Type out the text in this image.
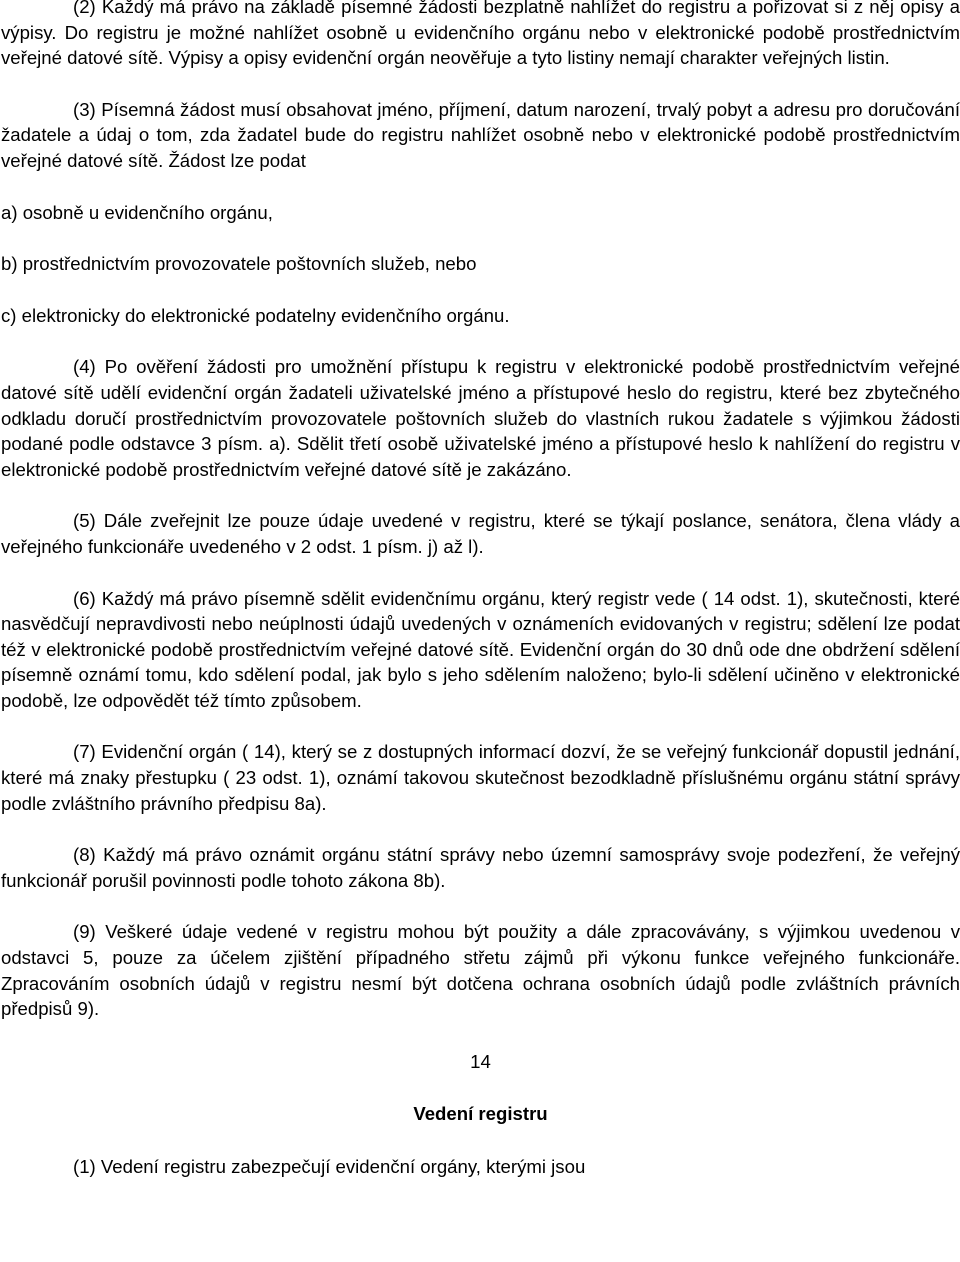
(2) Každý má právo na základě písemné žádosti bezplatně nahlížet do registru a pořizovat si z něj opisy a výpisy. Do registru je možné nahlížet osobně u evidenčního orgánu nebo v elektronické podobě prostřednictvím veřejné datové sítě. Výpisy a opisy evidenční orgán neověřuje a tyto listiny nemají charakter veřejných listin.

(3) Písemná žádost musí obsahovat jméno, příjmení, datum narození, trvalý pobyt a adresu pro doručování žadatele a údaj o tom, zda žadatel bude do registru nahlížet osobně nebo v elektronické podobě prostřednictvím veřejné datové sítě. Žádost lze podat

a) osobně u evidenčního orgánu,

b) prostřednictvím provozovatele poštovních služeb, nebo

c) elektronicky do elektronické podatelny evidenčního orgánu.

(4) Po ověření žádosti pro umožnění přístupu k registru v elektronické podobě prostřednictvím veřejné datové sítě udělí evidenční orgán žadateli uživatelské jméno a přístupové heslo do registru, které bez zbytečného odkladu doručí prostřednictvím provozovatele poštovních služeb do vlastních rukou žadatele s výjimkou žádosti podané podle odstavce 3 písm. a). Sdělit třetí osobě uživatelské jméno a přístupové heslo k nahlížení do registru v elektronické podobě prostřednictvím veřejné datové sítě je zakázáno.

(5) Dále zveřejnit lze pouze údaje uvedené v registru, které se týkají poslance, senátora, člena vlády a veřejného funkcionáře uvedeného v 2 odst. 1 písm. j) až l).

(6) Každý má právo písemně sdělit evidenčnímu orgánu, který registr vede ( 14 odst. 1), skutečnosti, které nasvědčují nepravdivosti nebo neúplnosti údajů uvedených v oznámeních evidovaných v registru; sdělení lze podat též v elektronické podobě prostřednictvím veřejné datové sítě. Evidenční orgán do 30 dnů ode dne obdržení sdělení písemně oznámí tomu, kdo sdělení podal, jak bylo s jeho sdělením naloženo; bylo-li sdělení učiněno v elektronické podobě, lze odpovědět též tímto způsobem.

(7) Evidenční orgán ( 14), který se z dostupných informací dozví, že se veřejný funkcionář dopustil jednání, které má znaky přestupku ( 23 odst. 1), oznámí takovou skutečnost bezodkladně příslušnému orgánu státní správy podle zvláštního právního předpisu 8a).

(8) Každý má právo oznámit orgánu státní správy nebo územní samosprávy svoje podezření, že veřejný funkcionář porušil povinnosti podle tohoto zákona 8b).

(9) Veškeré údaje vedené v registru mohou být použity a dále zpracovávány, s výjimkou uvedenou v odstavci 5, pouze za účelem zjištění případného střetu zájmů při výkonu funkce veřejného funkcionáře. Zpracováním osobních údajů v registru nesmí být dotčena ochrana osobních údajů podle zvláštních právních předpisů 9).

14

Vedení registru

(1) Vedení registru zabezpečují evidenční orgány, kterými jsou
